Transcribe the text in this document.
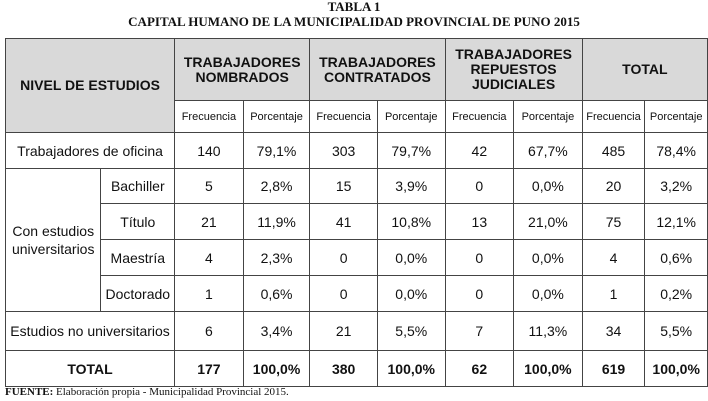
TABLA 1
CAPITAL HUMANO DE LA MUNICIPALIDAD PROVINCIAL DE PUNO 2015
NIVEL DE ESTUDIOS		TRABAJADORES NOMBRADOS		TRABAJADORES CONTRATADOS		TRABAJADORES REPUESTOS JUDICIALES		TOTAL	
		Frecuencia	Porcentaje	Frecuencia	Porcentaje	Frecuencia	Porcentaje	Frecuencia	Porcentaje
Trabajadores de oficina		140	79,1%	303	79,7%	42	67,7%	485	78,4%
Con estudios universitarios	Bachiller	5	2,8%	15	3,9%	0	0,0%	20	3,2%
	Título	21	11,9%	41	10,8%	13	21,0%	75	12,1%
	Maestría	4	2,3%	0	0,0%	0	0,0%	4	0,6%
	Doctorado	1	0,6%	0	0,0%	0	0,0%	1	0,2%
Estudios no universitarios		6	3,4%	21	5,5%	7	11,3%	34	5,5%
TOTAL		177	100,0%	380	100,0%	62	100,0%	619	100,0%
FUENTE: Elaboración propia - Municipalidad Provincial 2015.
